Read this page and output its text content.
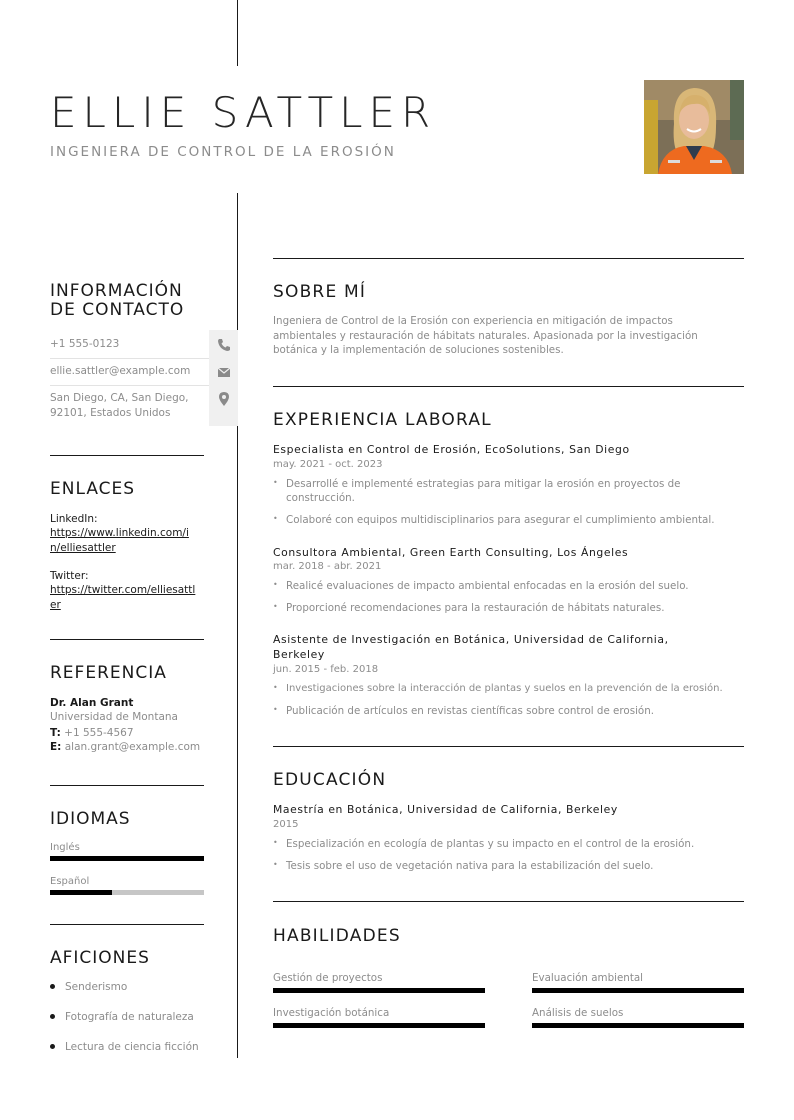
ELLIE SATTLER
INGENIERA DE CONTROL DE LA EROSIÓN
INFORMACIÓN
DE CONTACTO
+1 555-0123
ellie.sattler@example.com
San Diego, CA, San Diego,
92101, Estados Unidos
ENLACES
LinkedIn:
https://www.linkedin.com/i
n/elliesattler
Twitter:
https://twitter.com/elliesattl
er
REFERENCIA
Dr. Alan Grant
Universidad de Montana
T: +1 555-4567
E: alan.grant@example.com
IDIOMAS
Inglés
Español
AFICIONES
Senderismo
Fotografía de naturaleza
Lectura de ciencia ficción
SOBRE MÍ
Ingeniera de Control de la Erosión con experiencia en mitigación de impactos
ambientales y restauración de hábitats naturales. Apasionada por la investigación
botánica y la implementación de soluciones sostenibles.
EXPERIENCIA LABORAL
Especialista en Control de Erosión, EcoSolutions, San Diego
may. 2021 - oct. 2023
• Desarrollé e implementé estrategias para mitigar la erosión en proyectos de construcción.
• Colaboré con equipos multidisciplinarios para asegurar el cumplimiento ambiental.
Consultora Ambiental, Green Earth Consulting, Los Ángeles
mar. 2018 - abr. 2021
• Realicé evaluaciones de impacto ambiental enfocadas en la erosión del suelo.
• Proporcioné recomendaciones para la restauración de hábitats naturales.
Asistente de Investigación en Botánica, Universidad de California, Berkeley
jun. 2015 - feb. 2018
• Investigaciones sobre la interacción de plantas y suelos en la prevención de la erosión.
• Publicación de artículos en revistas científicas sobre control de erosión.
EDUCACIÓN
Maestría en Botánica, Universidad de California, Berkeley
2015
• Especialización en ecología de plantas y su impacto en el control de la erosión.
• Tesis sobre el uso de vegetación nativa para la estabilización del suelo.
HABILIDADES
Gestión de proyectos	Evaluación ambiental
Investigación botánica	Análisis de suelos
